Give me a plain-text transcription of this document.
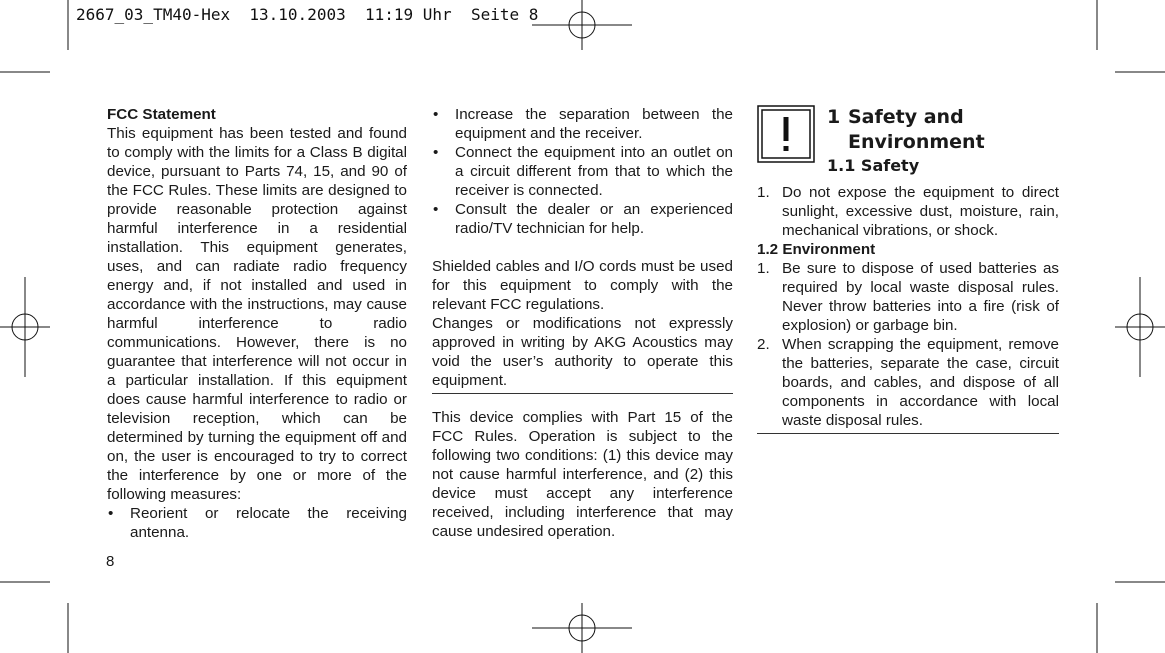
2667_03_TM40-Hex  13.10.2003  11:19 Uhr  Seite 8

FCC Statement

This equipment has been tested and found to comply with the limits for a Class B digital device, pursuant to Parts 74, 15, and 90 of the FCC Rules. These limits are designed to provide reasonable protection against harmful interference in a residential installation. This equipment generates, uses, and can radiate radio frequency energy and, if not installed and used in accordance with the instructions, may cause harmful interference to radio communications. However, there is no guarantee that interference will not occur in a particular installation. If this equipment does cause harmful interference to radio or television reception, which can be determined by turning the equipment off and on, the user is encouraged to try to correct the interference by one or more of the following measures:

• Reorient or relocate the receiving antenna.
• Increase the separation between the equipment and the receiver.
• Connect the equipment into an outlet on a circuit different from that to which the receiver is connected.
• Consult the dealer or an experienced radio/TV technician for help.

Shielded cables and I/O cords must be used for this equipment to comply with the relevant FCC regulations.

Changes or modifications not expressly approved in writing by AKG Acoustics may void the user’s authority to operate this equipment.

This device complies with Part 15 of the FCC Rules. Operation is subject to the following two conditions: (1) this device may not cause harmful interference, and (2) this device must accept any interference received, including interference that may cause undesired operation.

1 Safety and
Environment
1.1 Safety
1. Do not expose the equipment to direct sunlight, excessive dust, moisture, rain, mechanical vibrations, or shock.

1.2 Environment

1. Be sure to dispose of used batteries as required by local waste disposal rules. Never throw batteries into a fire (risk of explosion) or garbage bin.
2. When scrapping the equipment, remove the batteries, separate the case, circuit boards, and cables, and dispose of all components in accordance with local waste disposal rules.
8
